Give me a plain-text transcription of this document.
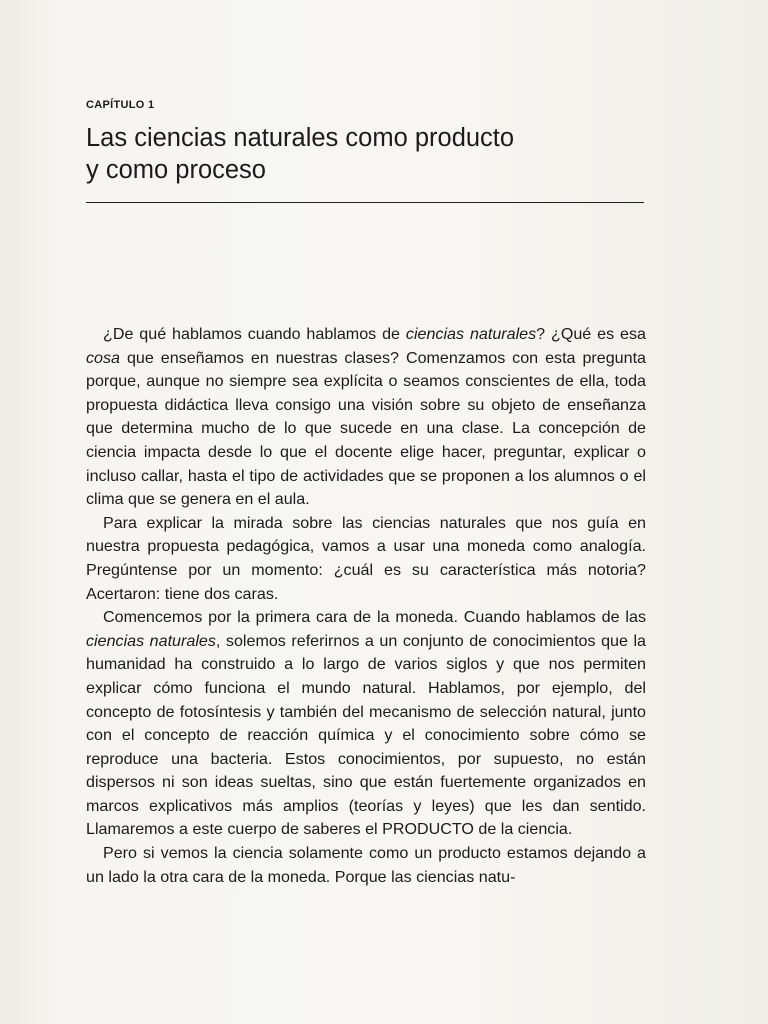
CAPÍTULO 1
Las ciencias naturales como producto
y como proceso

¿De qué hablamos cuando hablamos de ciencias naturales? ¿Qué es esa cosa que enseñamos en nuestras clases? Comenzamos con esta pregunta porque, aunque no siempre sea explícita o seamos conscientes de ella, toda propuesta didáctica lleva consigo una visión sobre su objeto de enseñanza que determina mucho de lo que sucede en una clase. La concepción de ciencia impacta desde lo que el docente elige hacer, preguntar, explicar o incluso callar, hasta el tipo de actividades que se proponen a los alumnos o el clima que se genera en el aula.

Para explicar la mirada sobre las ciencias naturales que nos guía en nuestra propuesta pedagógica, vamos a usar una moneda como analogía. Pregúntense por un momento: ¿cuál es su característica más notoria? Acertaron: tiene dos caras.

Comencemos por la primera cara de la moneda. Cuando hablamos de las ciencias naturales, solemos referirnos a un conjunto de conocimientos que la humanidad ha construido a lo largo de varios siglos y que nos permiten explicar cómo funciona el mundo natural. Hablamos, por ejemplo, del concepto de fotosíntesis y también del mecanismo de selección natural, junto con el concepto de reacción química y el conocimiento sobre cómo se reproduce una bacteria. Estos conocimientos, por supuesto, no están dispersos ni son ideas sueltas, sino que están fuertemente organizados en marcos explicativos más amplios (teorías y leyes) que les dan sentido. Llamaremos a este cuerpo de saberes el PRODUCTO de la ciencia.

Pero si vemos la ciencia solamente como un producto estamos dejando a un lado la otra cara de la moneda. Porque las ciencias natu-
